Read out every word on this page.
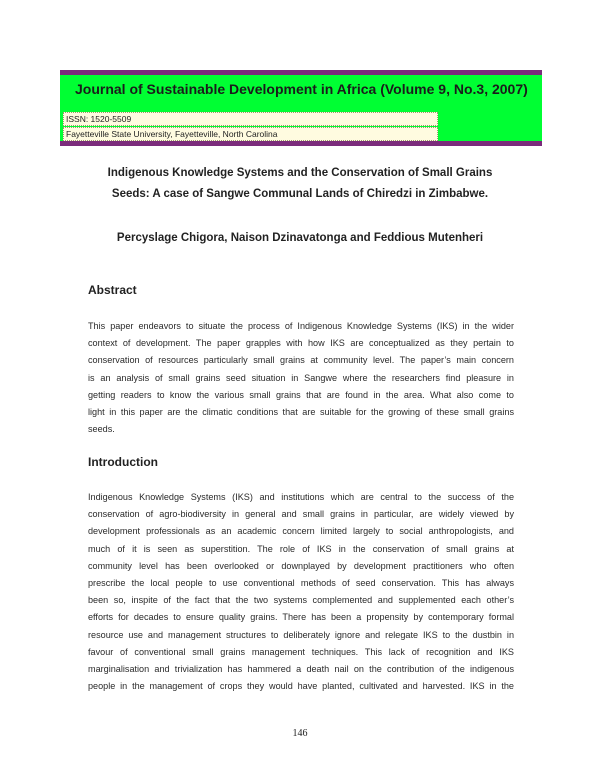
Journal of Sustainable Development in Africa (Volume 9, No.3, 2007)
ISSN: 1520-5509
Fayetteville State University, Fayetteville, North Carolina
Indigenous Knowledge Systems and the Conservation of Small Grains
Seeds: A case of Sangwe Communal Lands of Chiredzi in Zimbabwe.
Percyslage Chigora, Naison Dzinavatonga and Feddious Mutenheri
Abstract
This paper endeavors to situate the process of Indigenous Knowledge Systems (IKS) in the wider
context of development. The paper grapples with how IKS are conceptualized as they pertain to
conservation of resources particularly small grains at community level. The paper’s main concern
is an analysis of small grains seed situation in Sangwe where the researchers find pleasure in
getting readers to know the various small grains that are found in the area. What also come to
light in this paper are the climatic conditions that are suitable for the growing of these small grains
seeds.
Introduction
Indigenous Knowledge Systems (IKS) and institutions which are central to the success of the
conservation of agro-biodiversity in general and small grains in particular, are widely viewed by
development professionals as an academic concern limited largely to social anthropologists, and
much of it is seen as superstition. The role of IKS in the conservation of small grains at
community level has been overlooked or downplayed by development practitioners who often
prescribe the local people to use conventional methods of seed conservation. This has always
been so, inspite of the fact that the two systems complemented and supplemented each other’s
efforts for decades to ensure quality grains. There has been a propensity by contemporary formal
resource use and management structures to deliberately ignore and relegate IKS to the dustbin in
favour of conventional small grains management techniques. This lack of recognition and IKS
marginalisation and trivialization has hammered a death nail on the contribution of the indigenous
people in the management of crops they would have planted, cultivated and harvested. IKS in the
146
